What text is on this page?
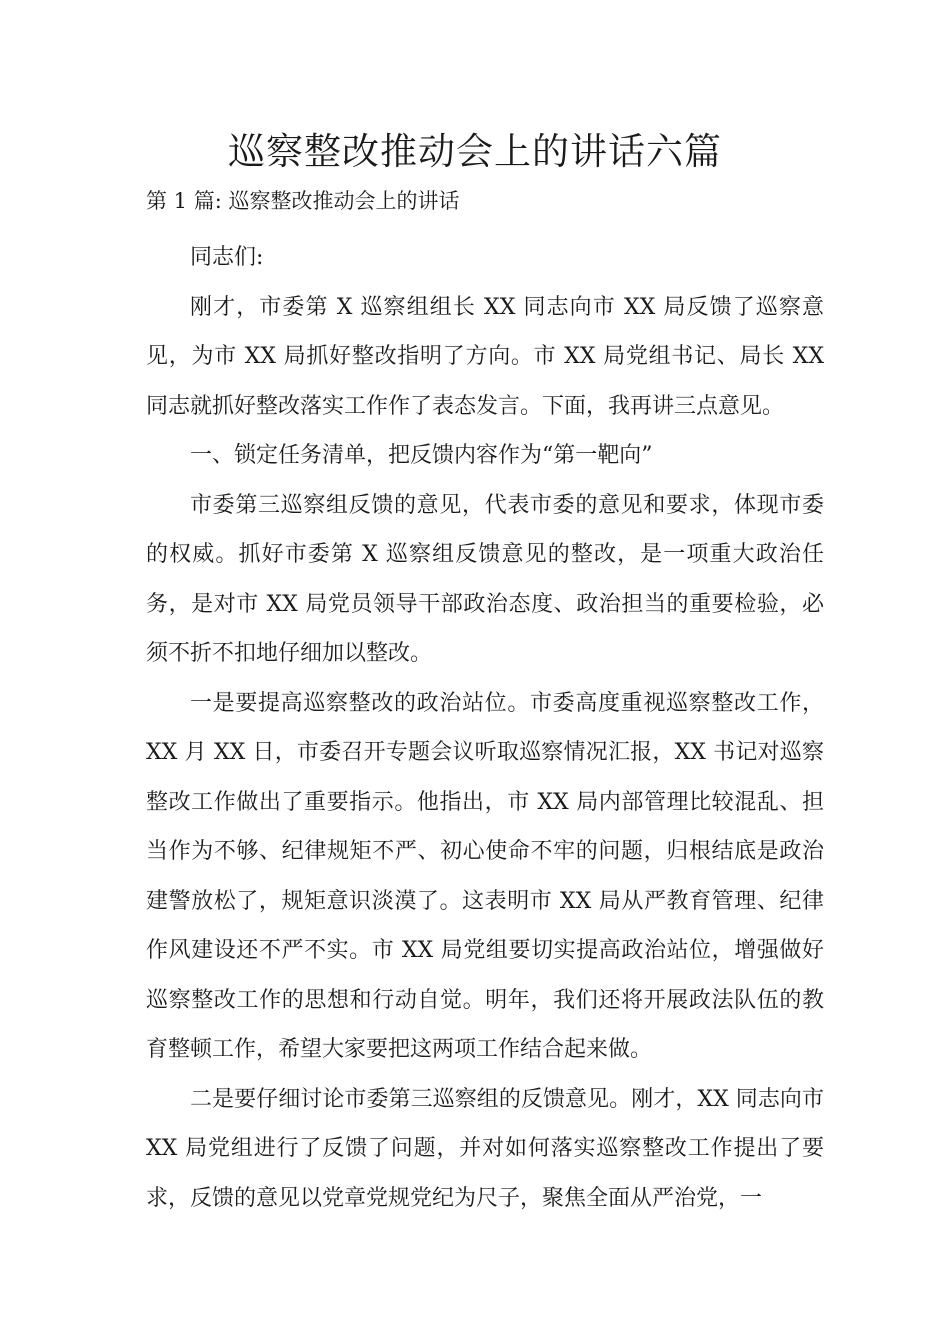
巡察整改推动会上的讲话六篇

第 1 篇: 巡察整改推动会上的讲话

同志们:

刚才，市委第 X 巡察组组长 XX 同志向市 XX 局反馈了巡察意见，为市 XX 局抓好整改指明了方向。市 XX 局党组书记、局长 XX 同志就抓好整改落实工作作了表态发言。下面，我再讲三点意见。

一、锁定任务清单，把反馈内容作为“第一靶向”

市委第三巡察组反馈的意见，代表市委的意见和要求，体现市委的权威。抓好市委第 X 巡察组反馈意见的整改，是一项重大政治任务，是对市 XX 局党员领导干部政治态度、政治担当的重要检验，必须不折不扣地仔细加以整改。

一是要提高巡察整改的政治站位。市委高度重视巡察整改工作，XX 月 XX 日，市委召开专题会议听取巡察情况汇报，XX 书记对巡察整改工作做出了重要指示。他指出，市 XX 局内部管理比较混乱、担当作为不够、纪律规矩不严、初心使命不牢的问题，归根结底是政治建警放松了，规矩意识淡漠了。这表明市 XX 局从严教育管理、纪律作风建设还不严不实。市 XX 局党组要切实提高政治站位，增强做好巡察整改工作的思想和行动自觉。明年，我们还将开展政法队伍的教育整顿工作，希望大家要把这两项工作结合起来做。

二是要仔细讨论市委第三巡察组的反馈意见。刚才，XX 同志向市 XX 局党组进行了反馈了问题，并对如何落实巡察整改工作提出了要求，反馈的意见以党章党规党纪为尺子，聚焦全面从严治党，一
